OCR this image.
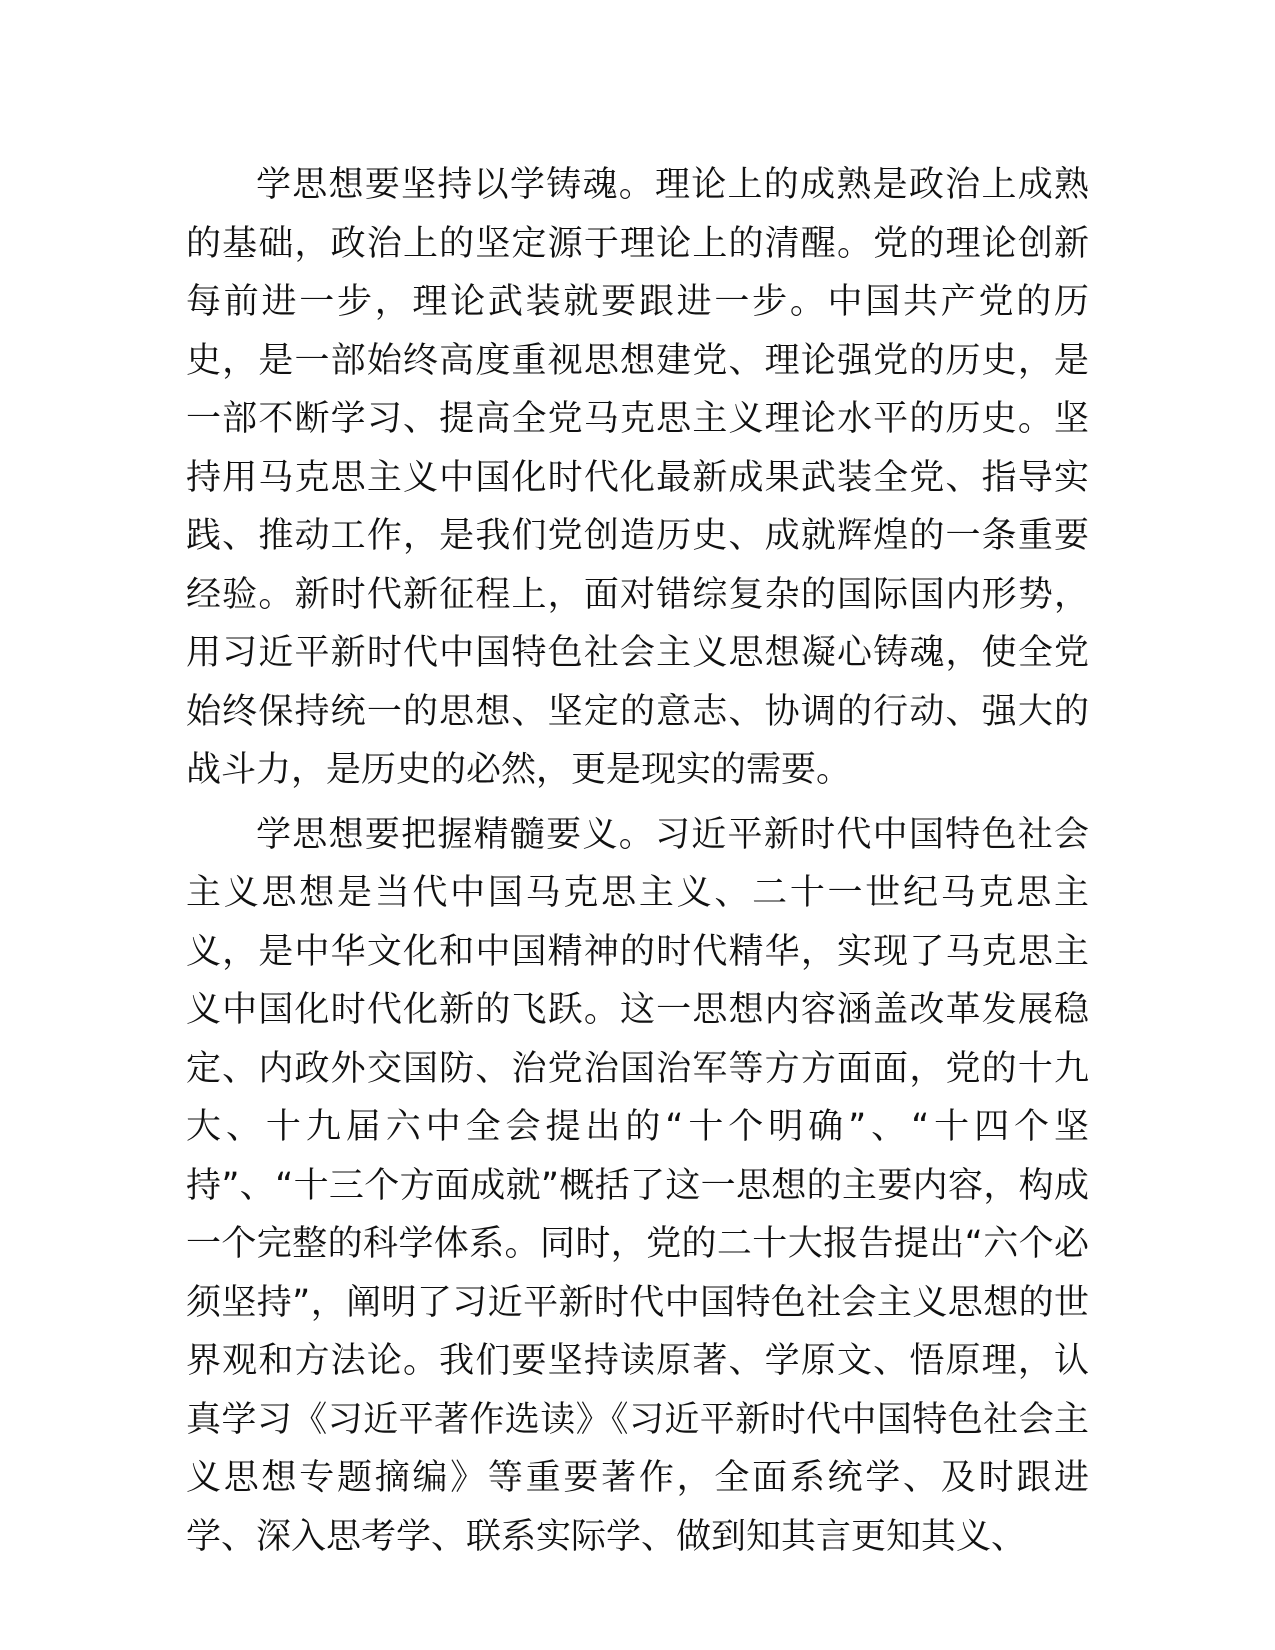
学思想要坚持以学铸魂。理论上的成熟是政治上成熟的基础，政治上的坚定源于理论上的清醒。党的理论创新每前进一步，理论武装就要跟进一步。中国共产党的历史，是一部始终高度重视思想建党、理论强党的历史，是一部不断学习、提高全党马克思主义理论水平的历史。坚持用马克思主义中国化时代化最新成果武装全党、指导实践、推动工作，是我们党创造历史、成就辉煌的一条重要经验。新时代新征程上，面对错综复杂的国际国内形势，用习近平新时代中国特色社会主义思想凝心铸魂，使全党始终保持统一的思想、坚定的意志、协调的行动、强大的战斗力，是历史的必然，更是现实的需要。

学思想要把握精髓要义。习近平新时代中国特色社会主义思想是当代中国马克思主义、二十一世纪马克思主义，是中华文化和中国精神的时代精华，实现了马克思主义中国化时代化新的飞跃。这一思想内容涵盖改革发展稳定、内政外交国防、治党治国治军等方方面面，党的十九大、十九届六中全会提出的“十个明确”、“十四个坚持”、“十三个方面成就”概括了这一思想的主要内容，构成一个完整的科学体系。同时，党的二十大报告提出“六个必须坚持”，阐明了习近平新时代中国特色社会主义思想的世界观和方法论。我们要坚持读原著、学原文、悟原理，认真学习《习近平著作选读》《习近平新时代中国特色社会主义思想专题摘编》等重要著作，全面系统学、及时跟进学、深入思考学、联系实际学、做到知其言更知其义、
